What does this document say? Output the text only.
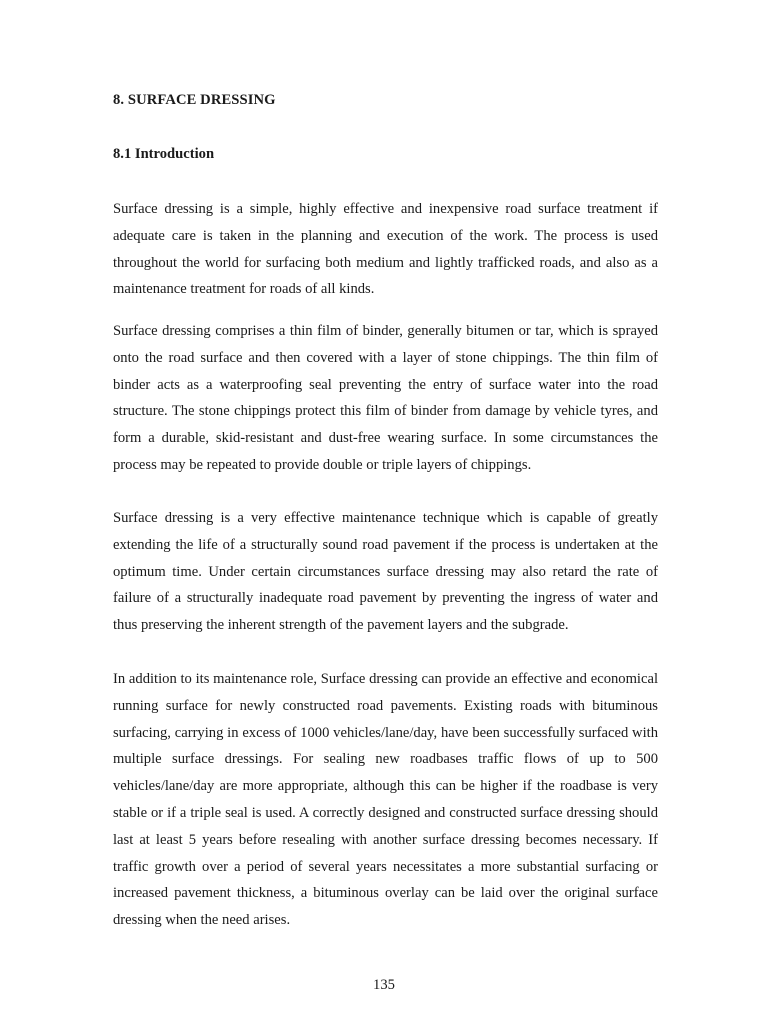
8. SURFACE DRESSING
8.1 Introduction

Surface dressing is a simple, highly effective and inexpensive road surface treatment if adequate care is taken in the planning and execution of the work. The process is used throughout the world for surfacing both medium and lightly trafficked roads, and also as a maintenance treatment for roads of all kinds.

Surface dressing comprises a thin film of binder, generally bitumen or tar, which is sprayed onto the road surface and then covered with a layer of stone chippings. The thin film of binder acts as a waterproofing seal preventing the entry of surface water into the road structure. The stone chippings protect this film of binder from damage by vehicle tyres, and form a durable, skid-resistant and dust-free wearing surface. In some circumstances the process may be repeated to provide double or triple layers of chippings.

Surface dressing is a very effective maintenance technique which is capable of greatly extending the life of a structurally sound road pavement if the process is undertaken at the optimum time. Under certain circumstances surface dressing may also retard the rate of failure of a structurally inadequate road pavement by preventing the ingress of water and thus preserving the inherent strength of the pavement layers and the subgrade.

In addition to its maintenance role, Surface dressing can provide an effective and economical running surface for newly constructed road pavements. Existing roads with bituminous surfacing, carrying in excess of 1000 vehicles/lane/day, have been successfully surfaced with multiple surface dressings. For sealing new roadbases traffic flows of up to 500 vehicles/lane/day are more appropriate, although this can be higher if the roadbase is very stable or if a triple seal is used. A correctly designed and constructed surface dressing should last at least 5 years before resealing with another surface dressing becomes necessary. If traffic growth over a period of several years necessitates a more substantial surfacing or increased pavement thickness, a bituminous overlay can be laid over the original surface dressing when the need arises.

135
